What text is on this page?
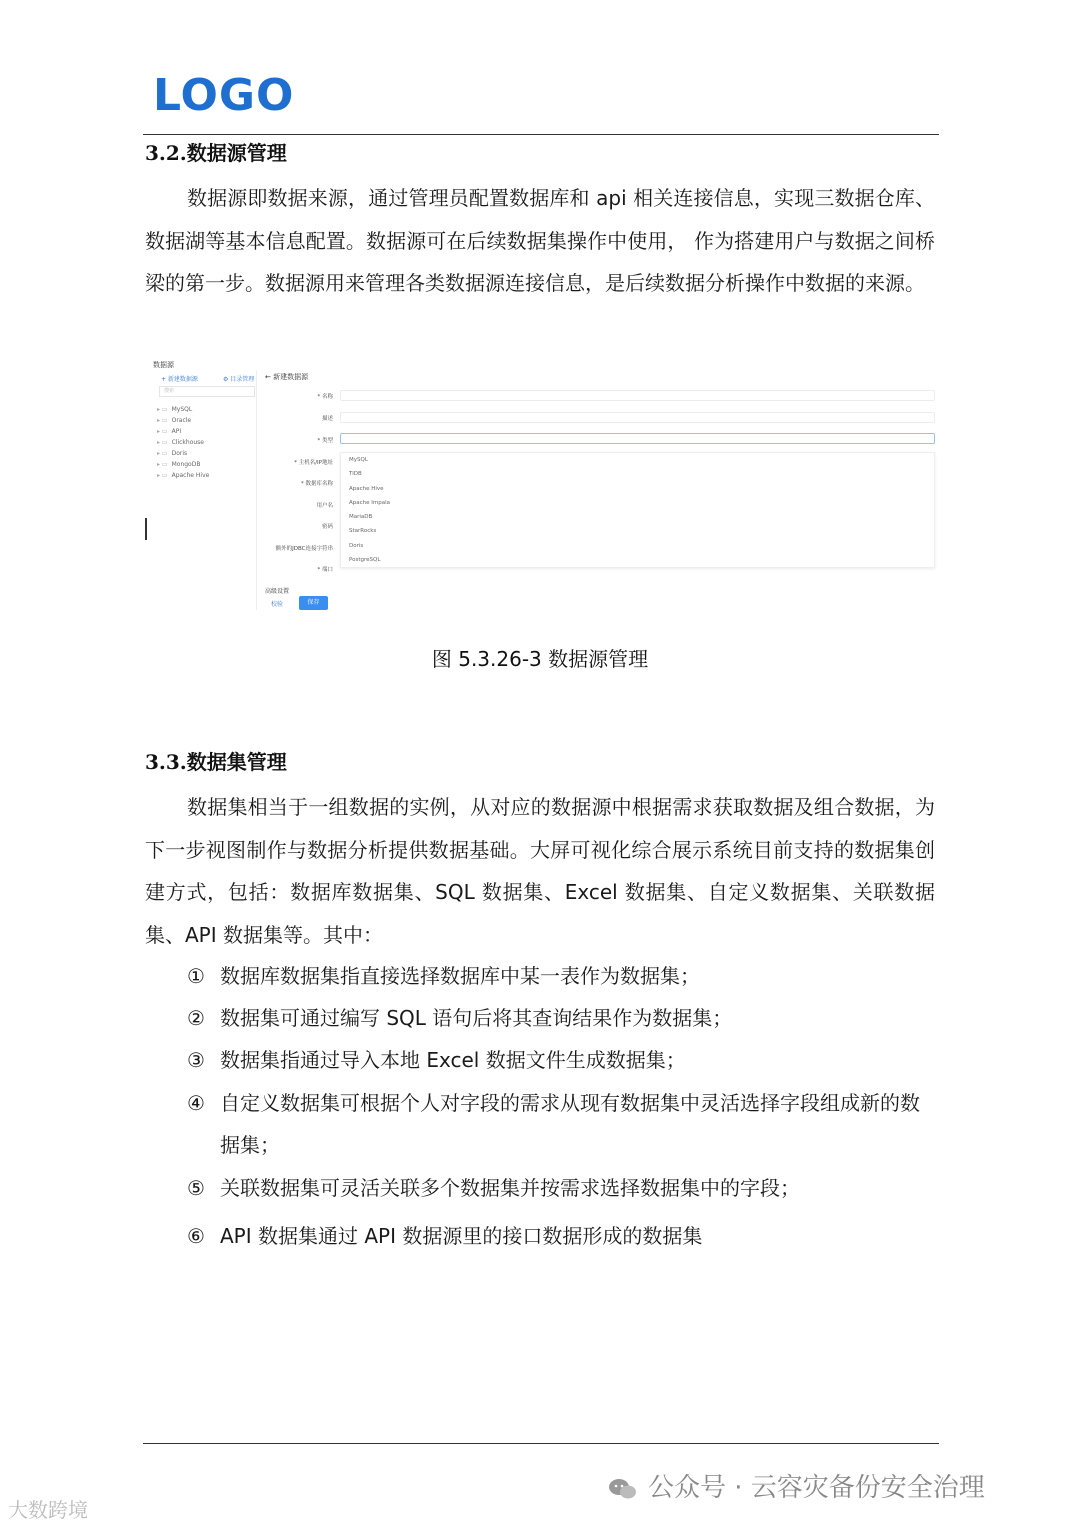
LOGO
3.2.数据源管理
数据源即数据来源，通过管理员配置数据库和 api 相关连接信息，实现三数据仓库、数据湖等基本信息配置。数据源可在后续数据集操作中使用， 作为搭建用户与数据之间桥梁的第一步。数据源用来管理各类数据源连接信息，是后续数据分析操作中数据的来源。
数据源
+ 新建数据源	⚙ 目录管理
搜索
▸ ▭ MySQL
▸ ▭ Oracle
▸ ▭ API
▸ ▭ Clickhouse
▸ ▭ Doris
▸ ▭ MongoDB
▸ ▭ Apache Hive
← 新建数据源
* 名称
描述
* 类型
* 主机名/IP地址
* 数据库名称
用户名
密码
额外的JDBC连接字符串
* 端口
MySQL
TiDB
Apache Hive
Apache Impala
MariaDB
StarRocks
Doris
PostgreSQL
高级设置
校验	保存
图 5.3.26-3 数据源管理
3.3.数据集管理
数据集相当于一组数据的实例，从对应的数据源中根据需求获取数据及组合数据，为下一步视图制作与数据分析提供数据基础。大屏可视化综合展示系统目前支持的数据集创建方式，包括：数据库数据集、SQL 数据集、Excel 数据集、自定义数据集、关联数据集、API 数据集等。其中：
① 数据库数据集指直接选择数据库中某一表作为数据集；
② 数据集可通过编写 SQL 语句后将其查询结果作为数据集；
③ 数据集指通过导入本地 Excel 数据文件生成数据集；
④ 自定义数据集可根据个人对字段的需求从现有数据集中灵活选择字段组成新的数据集；
⑤ 关联数据集可灵活关联多个数据集并按需求选择数据集中的字段；
⑥ API 数据集通过 API 数据源里的接口数据形成的数据集
公众号 · 云容灾备份安全治理
大数跨境
